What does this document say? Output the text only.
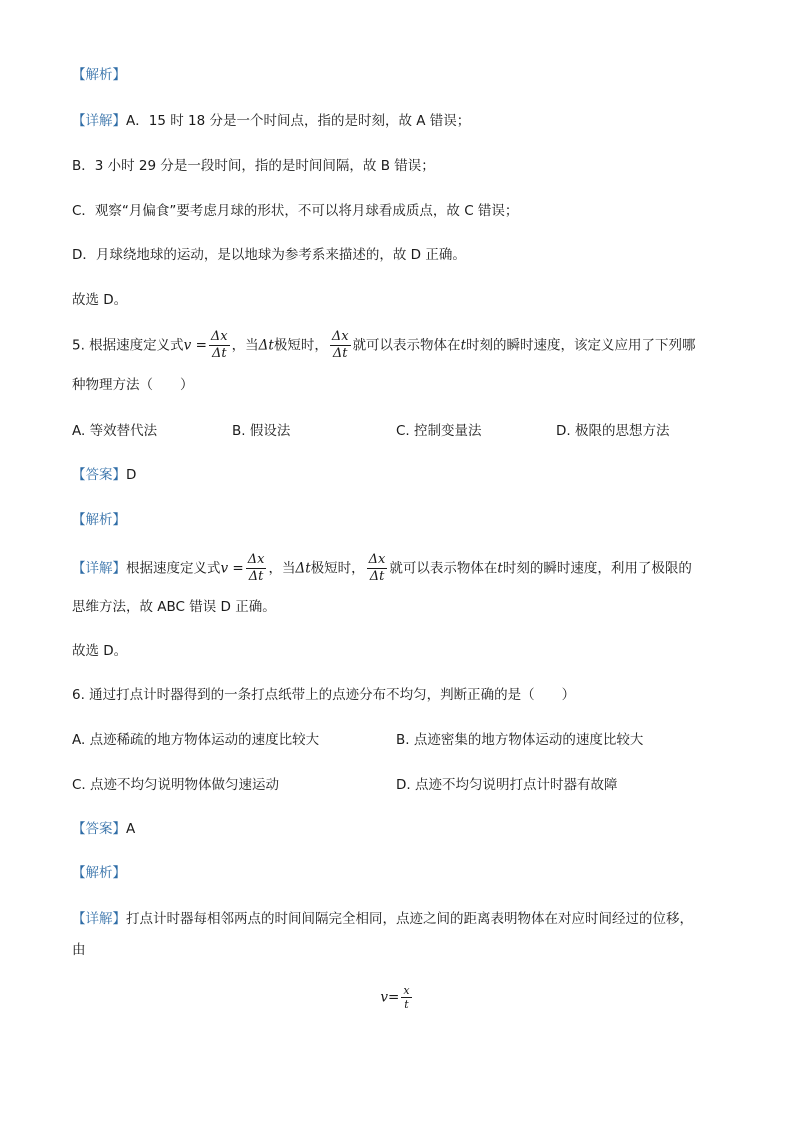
【解析】
【详解】A．15 时 18 分是一个时间点，指的是时刻，故 A 错误；
B．3 小时 29 分是一段时间，指的是时间间隔，故 B 错误；
C．观察“月偏食”要考虑月球的形状，不可以将月球看成质点，故 C 错误；
D．月球绕地球的运动，是以地球为参考系来描述的，故 D 正确。
故选 D。
5. 根据速度定义式$v = \frac{\Delta x}{\Delta t}$ ，当Δt极短时， $\frac{\Delta x}{\Delta t}$ 就可以表示物体在t时刻的瞬时速度，该定义应用了下列哪
种物理方法（　　）
A. 等效替代法	B. 假设法	C. 控制变量法	D. 极限的思想方法
【答案】D
【解析】
【详解】根据速度定义式$v = \frac{\Delta x}{\Delta t}$ ，当Δt极短时， $\frac{\Delta x}{\Delta t}$ 就可以表示物体在t时刻的瞬时速度，利用了极限的
思维方法，故 ABC 错误 D 正确。
故选 D。
6. 通过打点计时器得到的一条打点纸带上的点迹分布不均匀，判断正确的是（　　）
A. 点迹稀疏的地方物体运动的速度比较大	B. 点迹密集的地方物体运动的速度比较大
C. 点迹不均匀说明物体做匀速运动	D. 点迹不均匀说明打点计时器有故障
【答案】A
【解析】
【详解】打点计时器每相邻两点的时间间隔完全相同，点迹之间的距离表明物体在对应时间经过的位移，
由
$v= \frac{x}{t}$
